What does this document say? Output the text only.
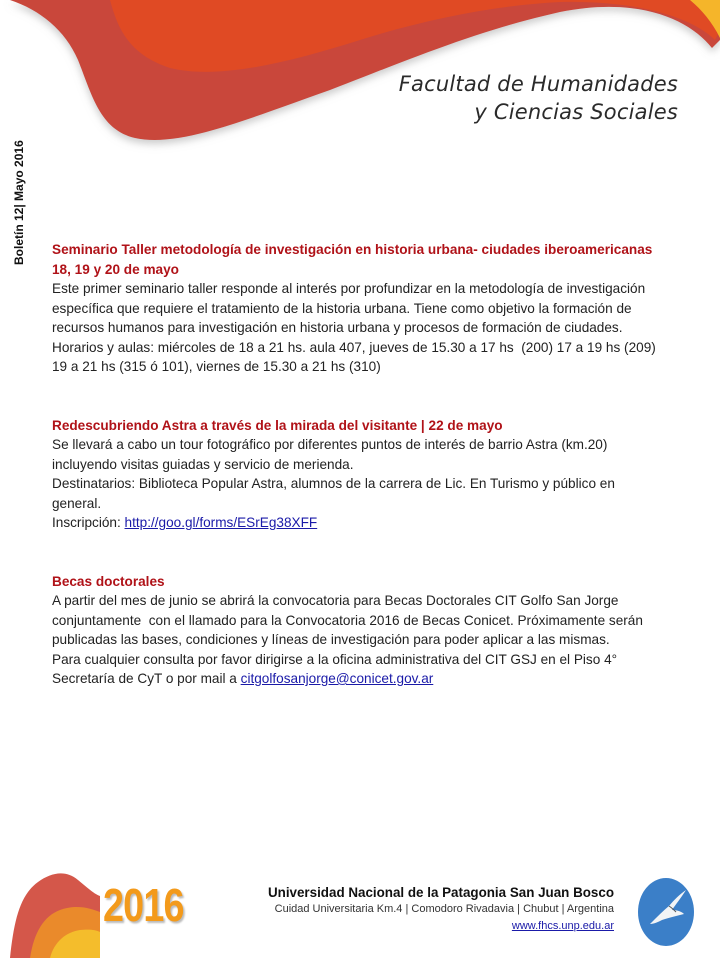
Facultad de Humanidades
y Ciencias Sociales
Boletín 12| Mayo 2016 Seminario Taller metodología de investigación en historia urbana- ciudades iberoamericanas
18, 19 y 20 de mayo
Este primer seminario taller responde al interés por profundizar en la metodología de investigación
específica que requiere el tratamiento de la historia urbana. Tiene como objetivo la formación de
recursos humanos para investigación en historia urbana y procesos de formación de ciudades.
Horarios y aulas: miércoles de 18 a 21 hs. aula 407, jueves de 15.30 a 17 hs  (200) 17 a 19 hs (209)
19 a 21 hs (315 ó 101), viernes de 15.30 a 21 hs (310)
Redescubriendo Astra a través de la mirada del visitante | 22 de mayo
Se llevará a cabo un tour fotográfico por diferentes puntos de interés de barrio Astra (km.20)
incluyendo visitas guiadas y servicio de merienda.
Destinatarios: Biblioteca Popular Astra, alumnos de la carrera de Lic. En Turismo y público en
general.
Inscripción: http://goo.gl/forms/ESrEg38XFF
Becas doctorales
A partir del mes de junio se abrirá la convocatoria para Becas Doctorales CIT Golfo San Jorge
conjuntamente  con el llamado para la Convocatoria 2016 de Becas Conicet. Próximamente serán
publicadas las bases, condiciones y líneas de investigación para poder aplicar a las mismas.
Para cualquier consulta por favor dirigirse a la oficina administrativa del CIT GSJ en el Piso 4°
Secretaría de CyT o por mail a citgolfosanjorge@conicet.gov.ar
2016	Universidad Nacional de la Patagonia San Juan Bosco
Cuidad Universitaria Km.4 | Comodoro Rivadavia | Chubut | Argentina
www.fhcs.unp.edu.ar
